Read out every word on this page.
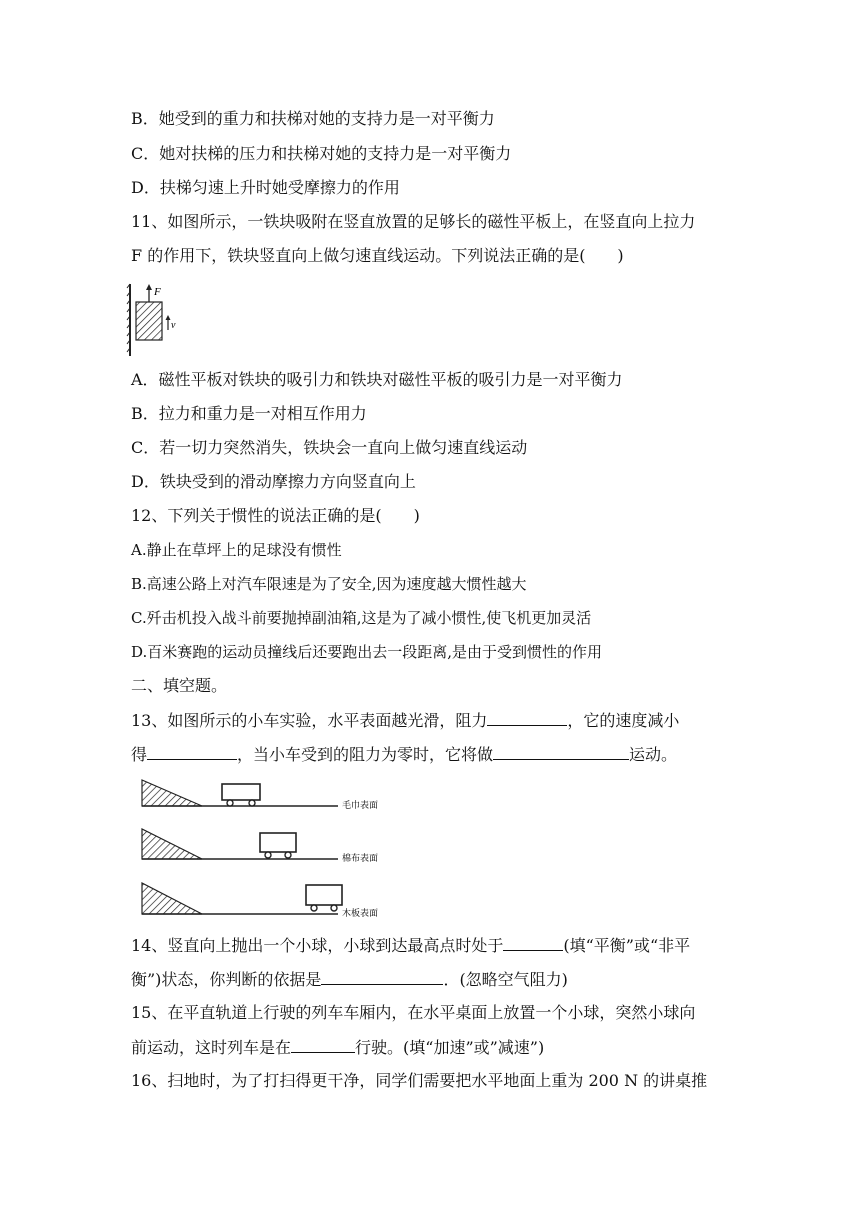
B．她受到的重力和扶梯对她的支持力是一对平衡力
C．她对扶梯的压力和扶梯对她的支持力是一对平衡力
D．扶梯匀速上升时她受摩擦力的作用
11、如图所示，一铁块吸附在竖直放置的足够长的磁性平板上，在竖直向上拉力
F 的作用下，铁块竖直向上做匀速直线运动。下列说法正确的是(　　)
F
v
A．磁性平板对铁块的吸引力和铁块对磁性平板的吸引力是一对平衡力
B．拉力和重力是一对相互作用力
C．若一切力突然消失，铁块会一直向上做匀速直线运动
D．铁块受到的滑动摩擦力方向竖直向上
12、下列关于惯性的说法正确的是(　　)
A.静止在草坪上的足球没有惯性
B.高速公路上对汽车限速是为了安全,因为速度越大惯性越大
C.歼击机投入战斗前要抛掉副油箱,这是为了减小惯性,使飞机更加灵活
D.百米赛跑的运动员撞线后还要跑出去一段距离,是由于受到惯性的作用
二、填空题。
13、如图所示的小车实验，水平表面越光滑，阻力	，它的速度减小
得	，当小车受到的阻力为零时，它将做	运动。
毛巾表面
棉布表面
木板表面
14、竖直向上抛出一个小球，小球到达最高点时处于	(填“平衡”或“非平
衡”)状态，你判断的依据是	．(忽略空气阻力)
15、在平直轨道上行驶的列车车厢内，在水平桌面上放置一个小球，突然小球向
前运动，这时列车是在	行驶。(填“加速”或”减速”)
16、扫地时，为了打扫得更干净，同学们需要把水平地面上重为 200 N 的讲桌推
